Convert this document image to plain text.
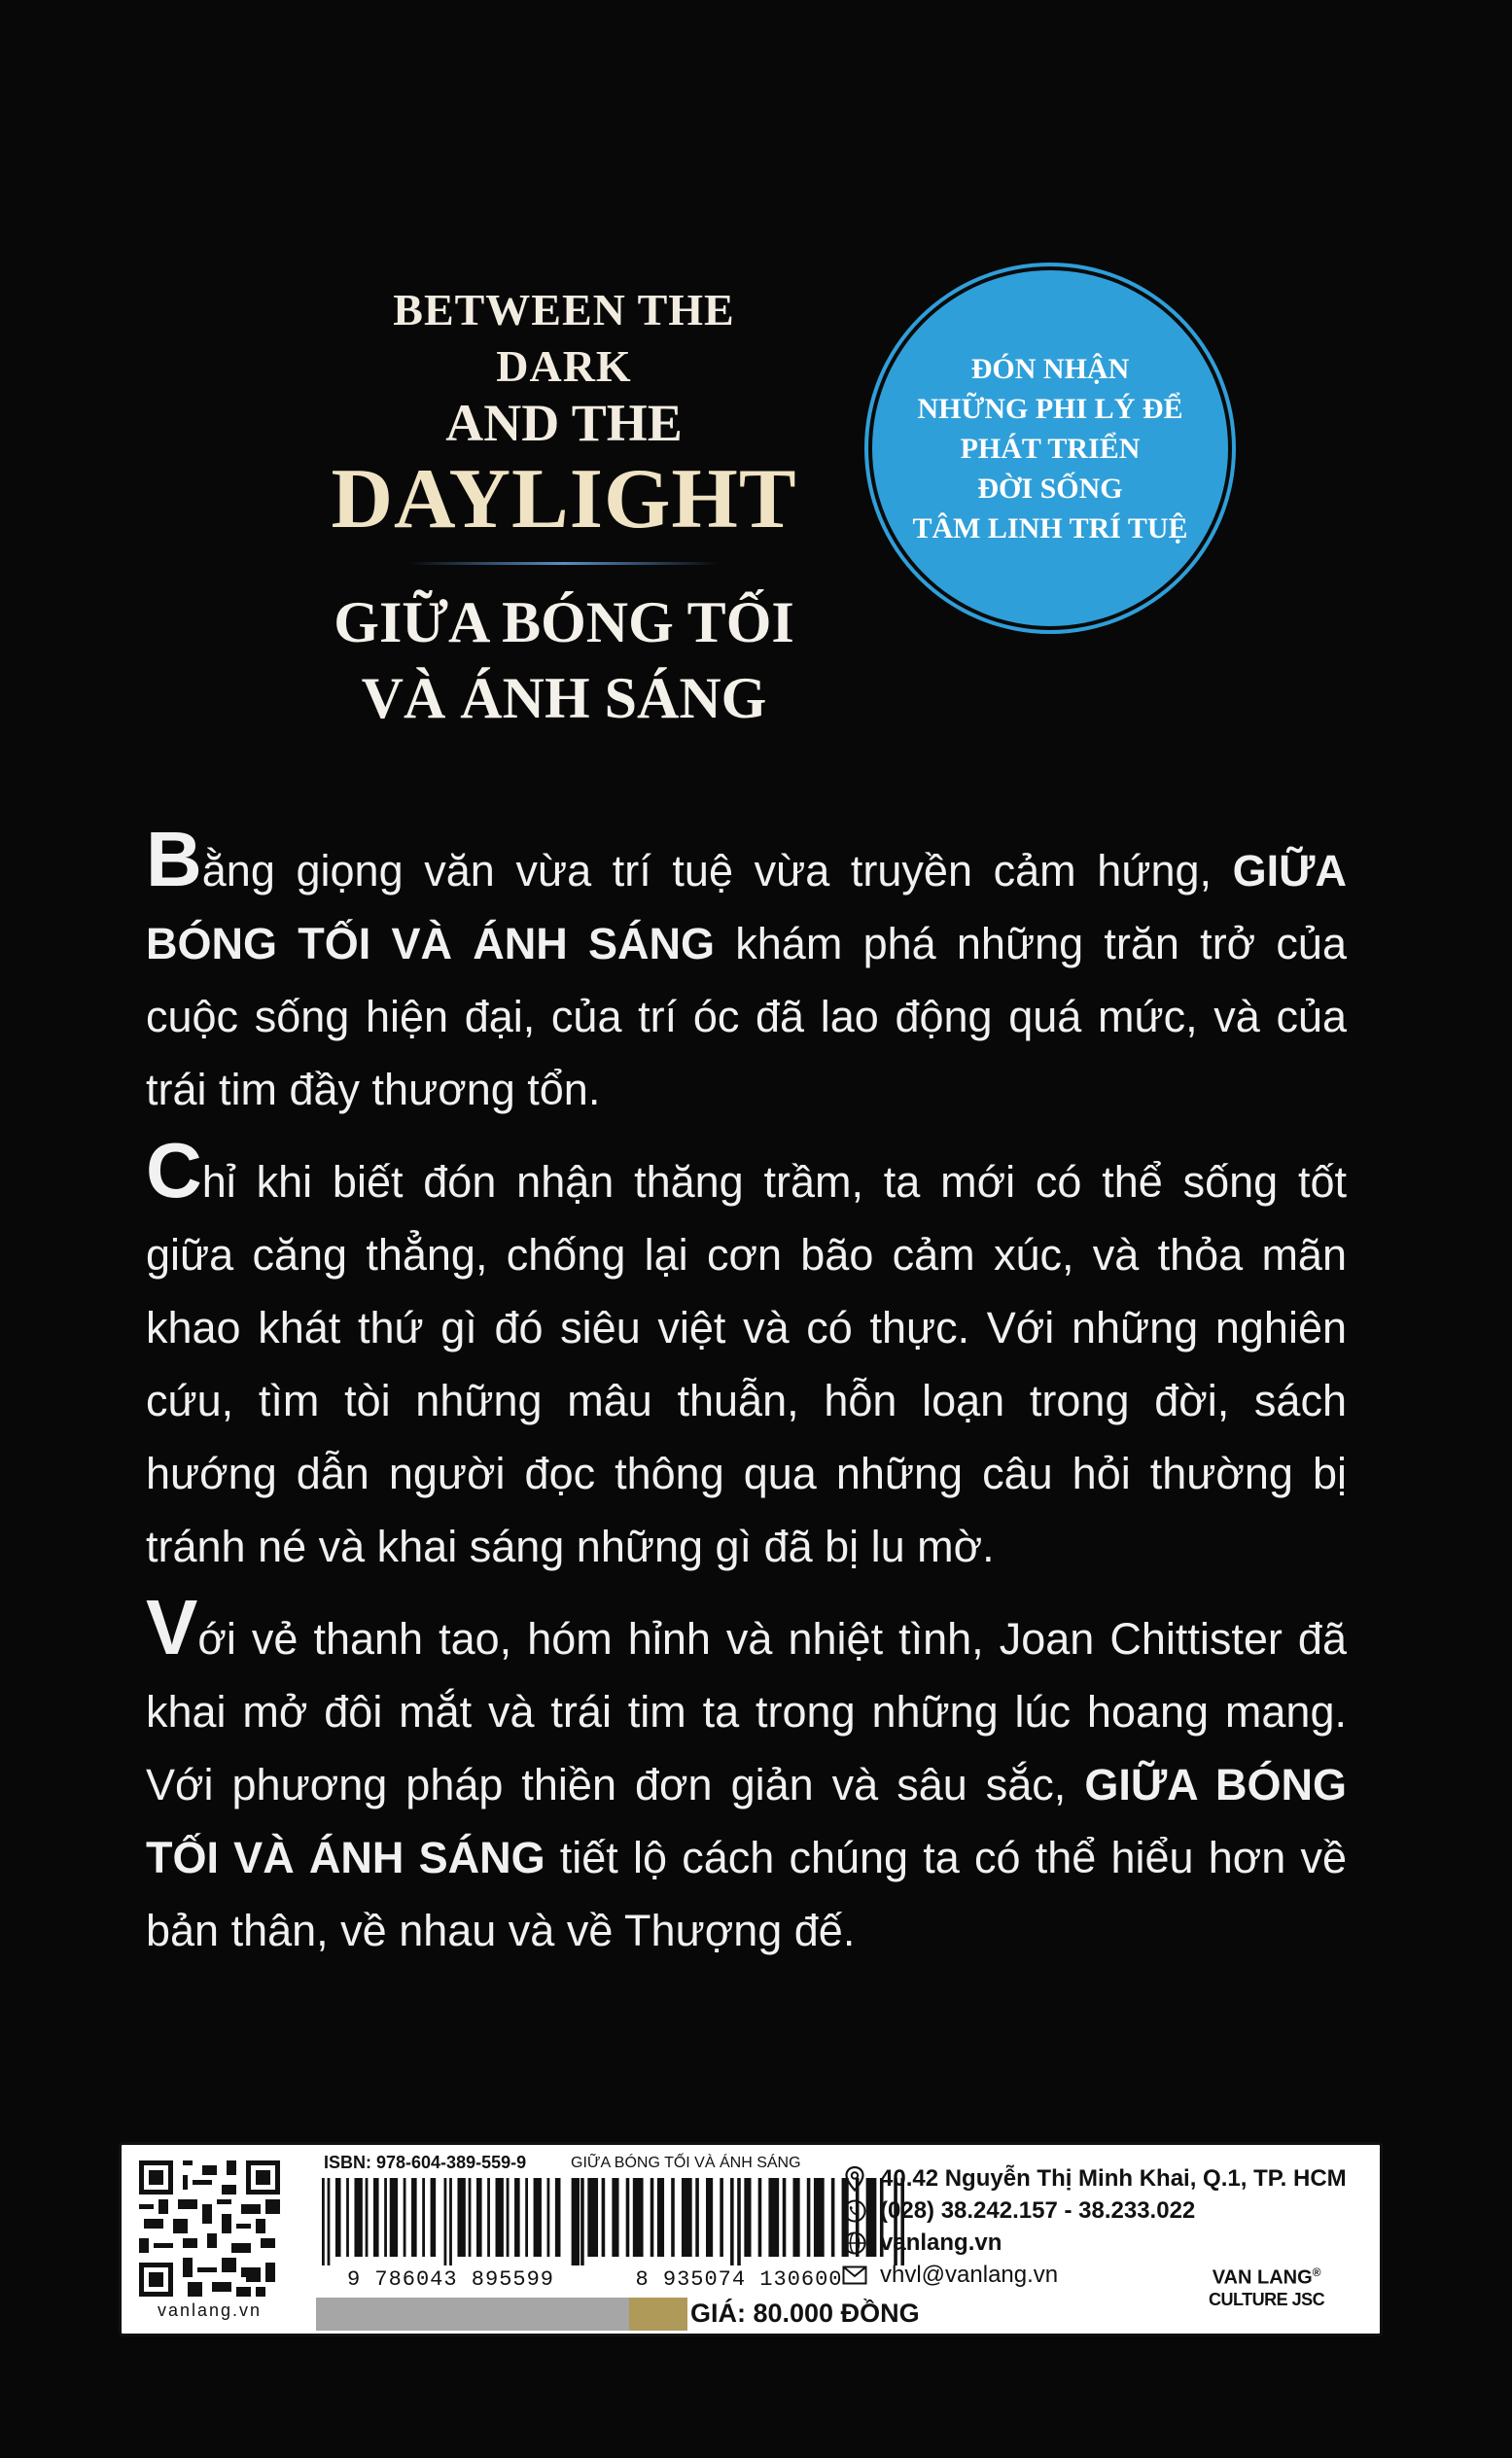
BETWEEN THE DARK
AND THE
DAYLIGHT
GIỮA BÓNG TỐI
VÀ ÁNH SÁNG
ĐÓN NHẬN
NHỮNG PHI LÝ ĐỂ
PHÁT TRIỂN
ĐỜI SỐNG
TÂM LINH TRÍ TUỆ

Bằng giọng văn vừa trí tuệ vừa truyền cảm hứng, GIỮA BÓNG TỐI VÀ ÁNH SÁNG khám phá những trăn trở của cuộc sống hiện đại, của trí óc đã lao động quá mức, và của trái tim đầy thương tổn.

Chỉ khi biết đón nhận thăng trầm, ta mới có thể sống tốt giữa căng thẳng, chống lại cơn bão cảm xúc, và thỏa mãn khao khát thứ gì đó siêu việt và có thực. Với những nghiên cứu, tìm tòi những mâu thuẫn, hỗn loạn trong đời, sách hướng dẫn người đọc thông qua những câu hỏi thường bị tránh né và khai sáng những gì đã bị lu mờ.

Với vẻ thanh tao, hóm hỉnh và nhiệt tình, Joan Chittister đã khai mở đôi mắt và trái tim ta trong những lúc hoang mang. Với phương pháp thiền đơn giản và sâu sắc, GIỮA BÓNG TỐI VÀ ÁNH SÁNG tiết lộ cách chúng ta có thể hiểu hơn về bản thân, về nhau và về Thượng đế.

vanlang.vn
ISBN: 978-604-389-559-9
9 786043 895599
GIỮA BÓNG TỐI VÀ ÁNH SÁNG
8 935074 130600
GIÁ: 80.000 ĐỒNG
40.42 Nguyễn Thị Minh Khai, Q.1, TP. HCM
(028) 38.242.157 - 38.233.022
vanlang.vn
vhvl@vanlang.vn	VAN LANG®
CULTURE JSC
